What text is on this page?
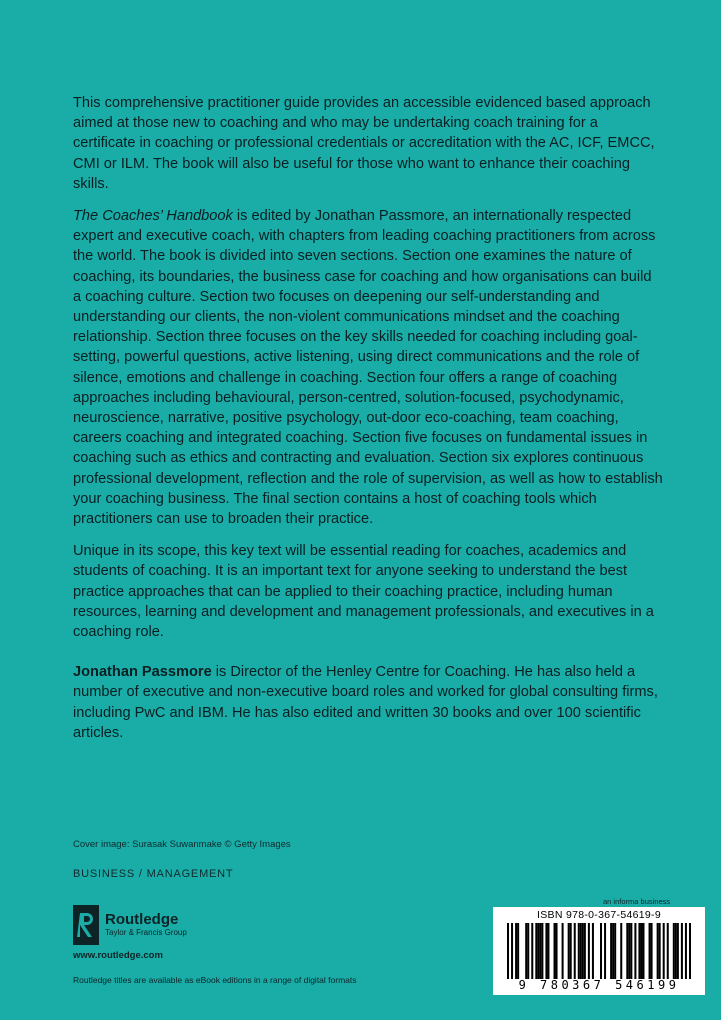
This comprehensive practitioner guide provides an accessible evidenced based approach aimed at those new to coaching and who may be undertaking coach training for a certificate in coaching or professional credentials or accreditation with the AC, ICF, EMCC, CMI or ILM. The book will also be useful for those who want to enhance their coaching skills.

The Coaches’ Handbook is edited by Jonathan Passmore, an internationally respected expert and executive coach, with chapters from leading coaching practitioners from across the world. The book is divided into seven sections. Section one examines the nature of coaching, its boundaries, the business case for coaching and how organisations can build a coaching culture. Section two focuses on deepening our self-understanding and understanding our clients, the non-violent communications mindset and the coaching relationship. Section three focuses on the key skills needed for coaching including goal-setting, powerful questions, active listening, using direct communications and the role of silence, emotions and challenge in coaching. Section four offers a range of coaching approaches including behavioural, person-centred, solution-focused, psychodynamic, neuroscience, narrative, positive psychology, out-door eco-coaching, team coaching, careers coaching and integrated coaching. Section five focuses on fundamental issues in coaching such as ethics and contracting and evaluation. Section six explores continuous professional development, reflection and the role of supervision, as well as how to establish your coaching business. The final section contains a host of coaching tools which practitioners can use to broaden their practice.

Unique in its scope, this key text will be essential reading for coaches, academics and students of coaching. It is an important text for anyone seeking to understand the best practice approaches that can be applied to their coaching practice, including human resources, learning and development and management professionals, and executives in a coaching role.

Jonathan Passmore is Director of the Henley Centre for Coaching. He has also held a number of executive and non-executive board roles and worked for global consulting firms, including PwC and IBM. He has also edited and written 30 books and over 100 scientific articles.

Cover image: Surasak Suwanmake © Getty Images
BUSINESS / MANAGEMENT
Routledge
Taylor & Francis Group
www.routledge.com
Routledge titles are available as eBook editions in a range of digital formats
an informa business
ISBN 978-0-367-54619-9
9 780367 546199
